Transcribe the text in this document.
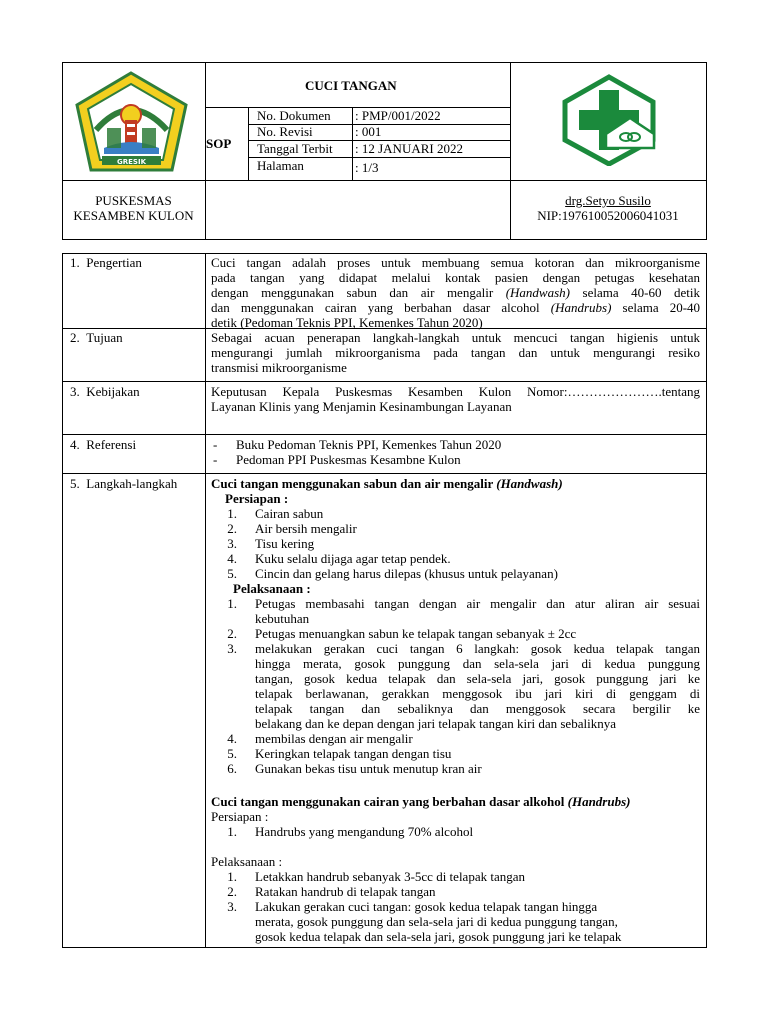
GRESIK
CUCI TANGAN
SOP
No. Dokumen : PMP/001/2022
No. Revisi	: 001
Tanggal Terbit : 12 JANUARI 2022
Halaman	: 1/3
PUSKESMAS
KESAMBEN KULON
drg.Setyo Susilo
NIP:197610052006041031
1. Pengertian
2. Tujuan
3. Kebijakan
4. Referensi
5. Langkah-langkah
Cuci tangan adalah proses untuk membuang semua kotoran dan mikroorganisme
pada tangan yang didapat melalui kontak pasien dengan petugas kesehatan
dengan menggunakan sabun dan air mengalir (Handwash) selama 40-60 detik
dan menggunakan cairan yang berbahan dasar alcohol (Handrubs) selama 20-40
detik (Pedoman Teknis PPI, Kemenkes Tahun 2020)
Sebagai acuan penerapan langkah-langkah untuk mencuci tangan higienis untuk
mengurangi jumlah mikroorganisma pada tangan dan untuk mengurangi resiko
transmisi mikroorganisme
Keputusan Kepala Puskesmas Kesamben Kulon Nomor:………………….tentang
Layanan Klinis yang Menjamin Kesinambungan Layanan
- Buku Pedoman Teknis PPI, Kemenkes Tahun 2020
- Pedoman PPI Puskesmas Kesambne Kulon
Cuci tangan menggunakan sabun dan air mengalir (Handwash)
Persiapan :
1. Cairan sabun
2. Air bersih mengalir
3. Tisu kering
4. Kuku selalu dijaga agar tetap pendek.
5. Cincin dan gelang harus dilepas (khusus untuk pelayanan)
Pelaksanaan :
1. Petugas membasahi tangan dengan air mengalir dan atur aliran air sesuai
kebutuhan
2. Petugas menuangkan sabun ke telapak tangan sebanyak ± 2cc
3. melakukan gerakan cuci tangan 6 langkah: gosok kedua telapak tangan
hingga merata, gosok punggung dan sela-sela jari di kedua punggung
tangan, gosok kedua telapak dan sela-sela jari, gosok punggung jari ke
telapak berlawanan, gerakkan menggosok ibu jari kiri di genggam di
telapak tangan dan sebaliknya dan menggosok secara bergilir ke
belakang dan ke depan dengan jari telapak tangan kiri dan sebaliknya
4. membilas dengan air mengalir
5. Keringkan telapak tangan dengan tisu
6. Gunakan bekas tisu untuk menutup kran air
Cuci tangan menggunakan cairan yang berbahan dasar alkohol (Handrubs)
Persiapan :
1. Handrubs yang mengandung 70% alcohol
Pelaksanaan :
1. Letakkan handrub sebanyak 3-5cc di telapak tangan
2. Ratakan handrub di telapak tangan
3. Lakukan gerakan cuci tangan: gosok kedua telapak tangan hingga
merata, gosok punggung dan sela-sela jari di kedua punggung tangan,
gosok kedua telapak dan sela-sela jari, gosok punggung jari ke telapak
